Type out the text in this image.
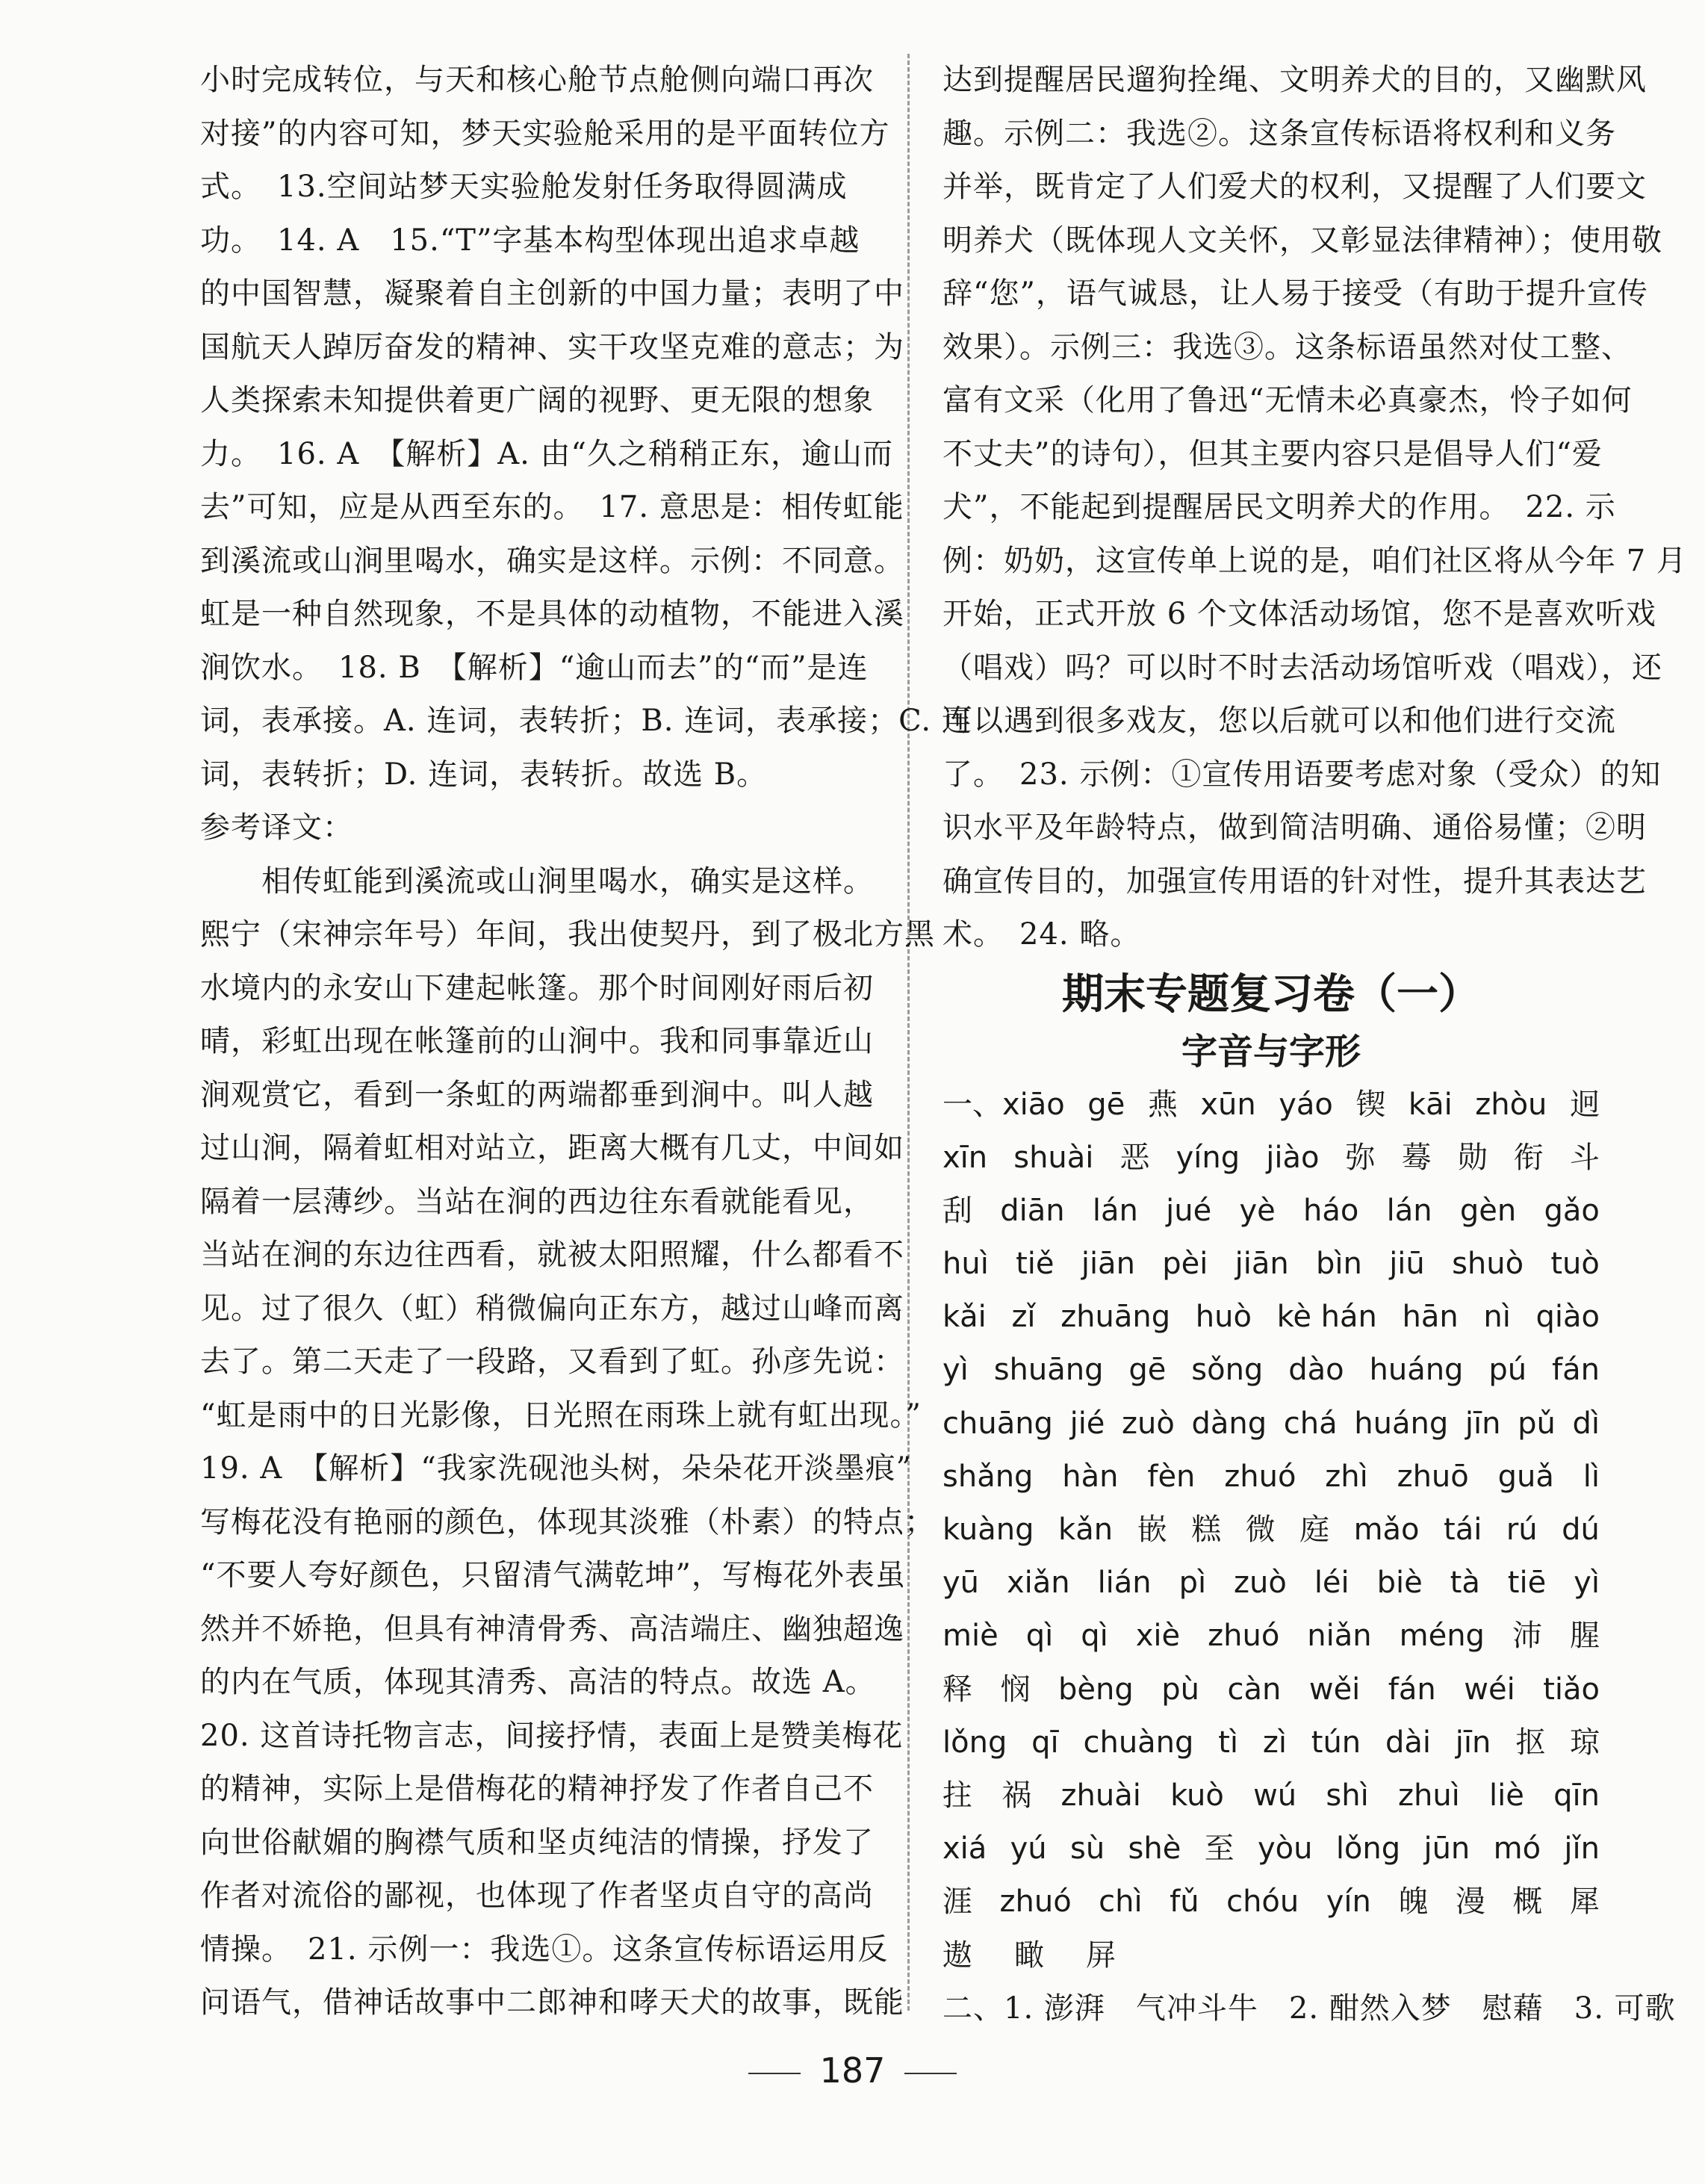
小时完成转位，与天和核心舱节点舱侧向端口再次
对接”的内容可知，梦天实验舱采用的是平面转位方
式。　13.空间站梦天实验舱发射任务取得圆满成
功。　14. A　15.“T”字基本构型体现出追求卓越
的中国智慧，凝聚着自主创新的中国力量；表明了中
国航天人踔厉奋发的精神、实干攻坚克难的意志；为
人类探索未知提供着更广阔的视野、更无限的想象
力。　16. A　【解析】A. 由“久之稍稍正东，逾山而
去”可知，应是从西至东的。　17. 意思是：相传虹能
到溪流或山涧里喝水，确实是这样。示例：不同意。
虹是一种自然现象，不是具体的动植物，不能进入溪
涧饮水。　18. B　【解析】“逾山而去”的“而”是连
词，表承接。A. 连词，表转折；B. 连词，表承接；C. 连
词，表转折；D. 连词，表转折。故选 B。
参考译文：
　　相传虹能到溪流或山涧里喝水，确实是这样。
熙宁（宋神宗年号）年间，我出使契丹，到了极北方黑
水境内的永安山下建起帐篷。那个时间刚好雨后初
晴，彩虹出现在帐篷前的山涧中。我和同事靠近山
涧观赏它，看到一条虹的两端都垂到涧中。叫人越
过山涧，隔着虹相对站立，距离大概有几丈，中间如
隔着一层薄纱。当站在涧的西边往东看就能看见，
当站在涧的东边往西看，就被太阳照耀，什么都看不
见。过了很久（虹）稍微偏向正东方，越过山峰而离
去了。第二天走了一段路，又看到了虹。孙彦先说：
“虹是雨中的日光影像，日光照在雨珠上就有虹出现。”
19. A　【解析】“我家洗砚池头树，朵朵花开淡墨痕”
写梅花没有艳丽的颜色，体现其淡雅（朴素）的特点；
“不要人夸好颜色，只留清气满乾坤”，写梅花外表虽
然并不娇艳，但具有神清骨秀、高洁端庄、幽独超逸
的内在气质，体现其清秀、高洁的特点。故选 A。
20. 这首诗托物言志，间接抒情，表面上是赞美梅花
的精神，实际上是借梅花的精神抒发了作者自己不
向世俗献媚的胸襟气质和坚贞纯洁的情操，抒发了
作者对流俗的鄙视，也体现了作者坚贞自守的高尚
情操。　21. 示例一：我选①。这条宣传标语运用反
问语气，借神话故事中二郎神和哮天犬的故事，既能
达到提醒居民遛狗拴绳、文明养犬的目的，又幽默风
趣。示例二：我选②。这条宣传标语将权利和义务
并举，既肯定了人们爱犬的权利，又提醒了人们要文
明养犬（既体现人文关怀，又彰显法律精神）；使用敬
辞“您”，语气诚恳，让人易于接受（有助于提升宣传
效果）。示例三：我选③。这条标语虽然对仗工整、
富有文采（化用了鲁迅“无情未必真豪杰，怜子如何
不丈夫”的诗句），但其主要内容只是倡导人们“爱
犬”，不能起到提醒居民文明养犬的作用。　22. 示
例：奶奶，这宣传单上说的是，咱们社区将从今年 7 月
开始，正式开放 6 个文体活动场馆，您不是喜欢听戏
（唱戏）吗？可以时不时去活动场馆听戏（唱戏），还
可以遇到很多戏友，您以后就可以和他们进行交流
了。　23. 示例：①宣传用语要考虑对象（受众）的知
识水平及年龄特点，做到简洁明确、通俗易懂；②明
确宣传目的，加强宣传用语的针对性，提升其表达艺
术。　24. 略。
期末专题复习卷（一）
字音与字形
一、xiāo gē 燕 xūn yáo 锲 kāi zhòu 迥
xīn shuài 恶 yíng jiào 弥 蓦 勋 衔 斗
刮 diān lán jué yè háo lán gèn gǎo
huì tiě jiān pèi jiān bìn jiū shuò tuò
kǎi zǐ zhuāng huò kè hán hān nì qiào
yì shuāng gē sǒng dào huáng pú fán
chuāng jié zuò dàng chá huáng jīn pǔ dì
shǎng hàn fèn zhuó zhì zhuō guǎ lì
kuàng kǎn 嵌 糕 微 庭 mǎo tái rú dú
yū xiǎn lián pì zuò léi biè tà tiē yì
miè qì qì xiè zhuó niǎn méng 沛 腥
释 悯 bèng pù càn wěi fán wéi tiǎo
lǒng qī chuàng tì zì tún dài jīn 抠 琼
拄 祸 zhuài kuò wú shì zhuì liè qīn
xiá yú sù shè 至 yòu lǒng jūn mó jǐn
涯 zhuó chì fǔ chóu yín 魄 漫 概 犀
遨 瞰 屏
二、1. 澎湃　气冲斗牛　2. 酣然入梦　慰藉　3. 可歌
187
